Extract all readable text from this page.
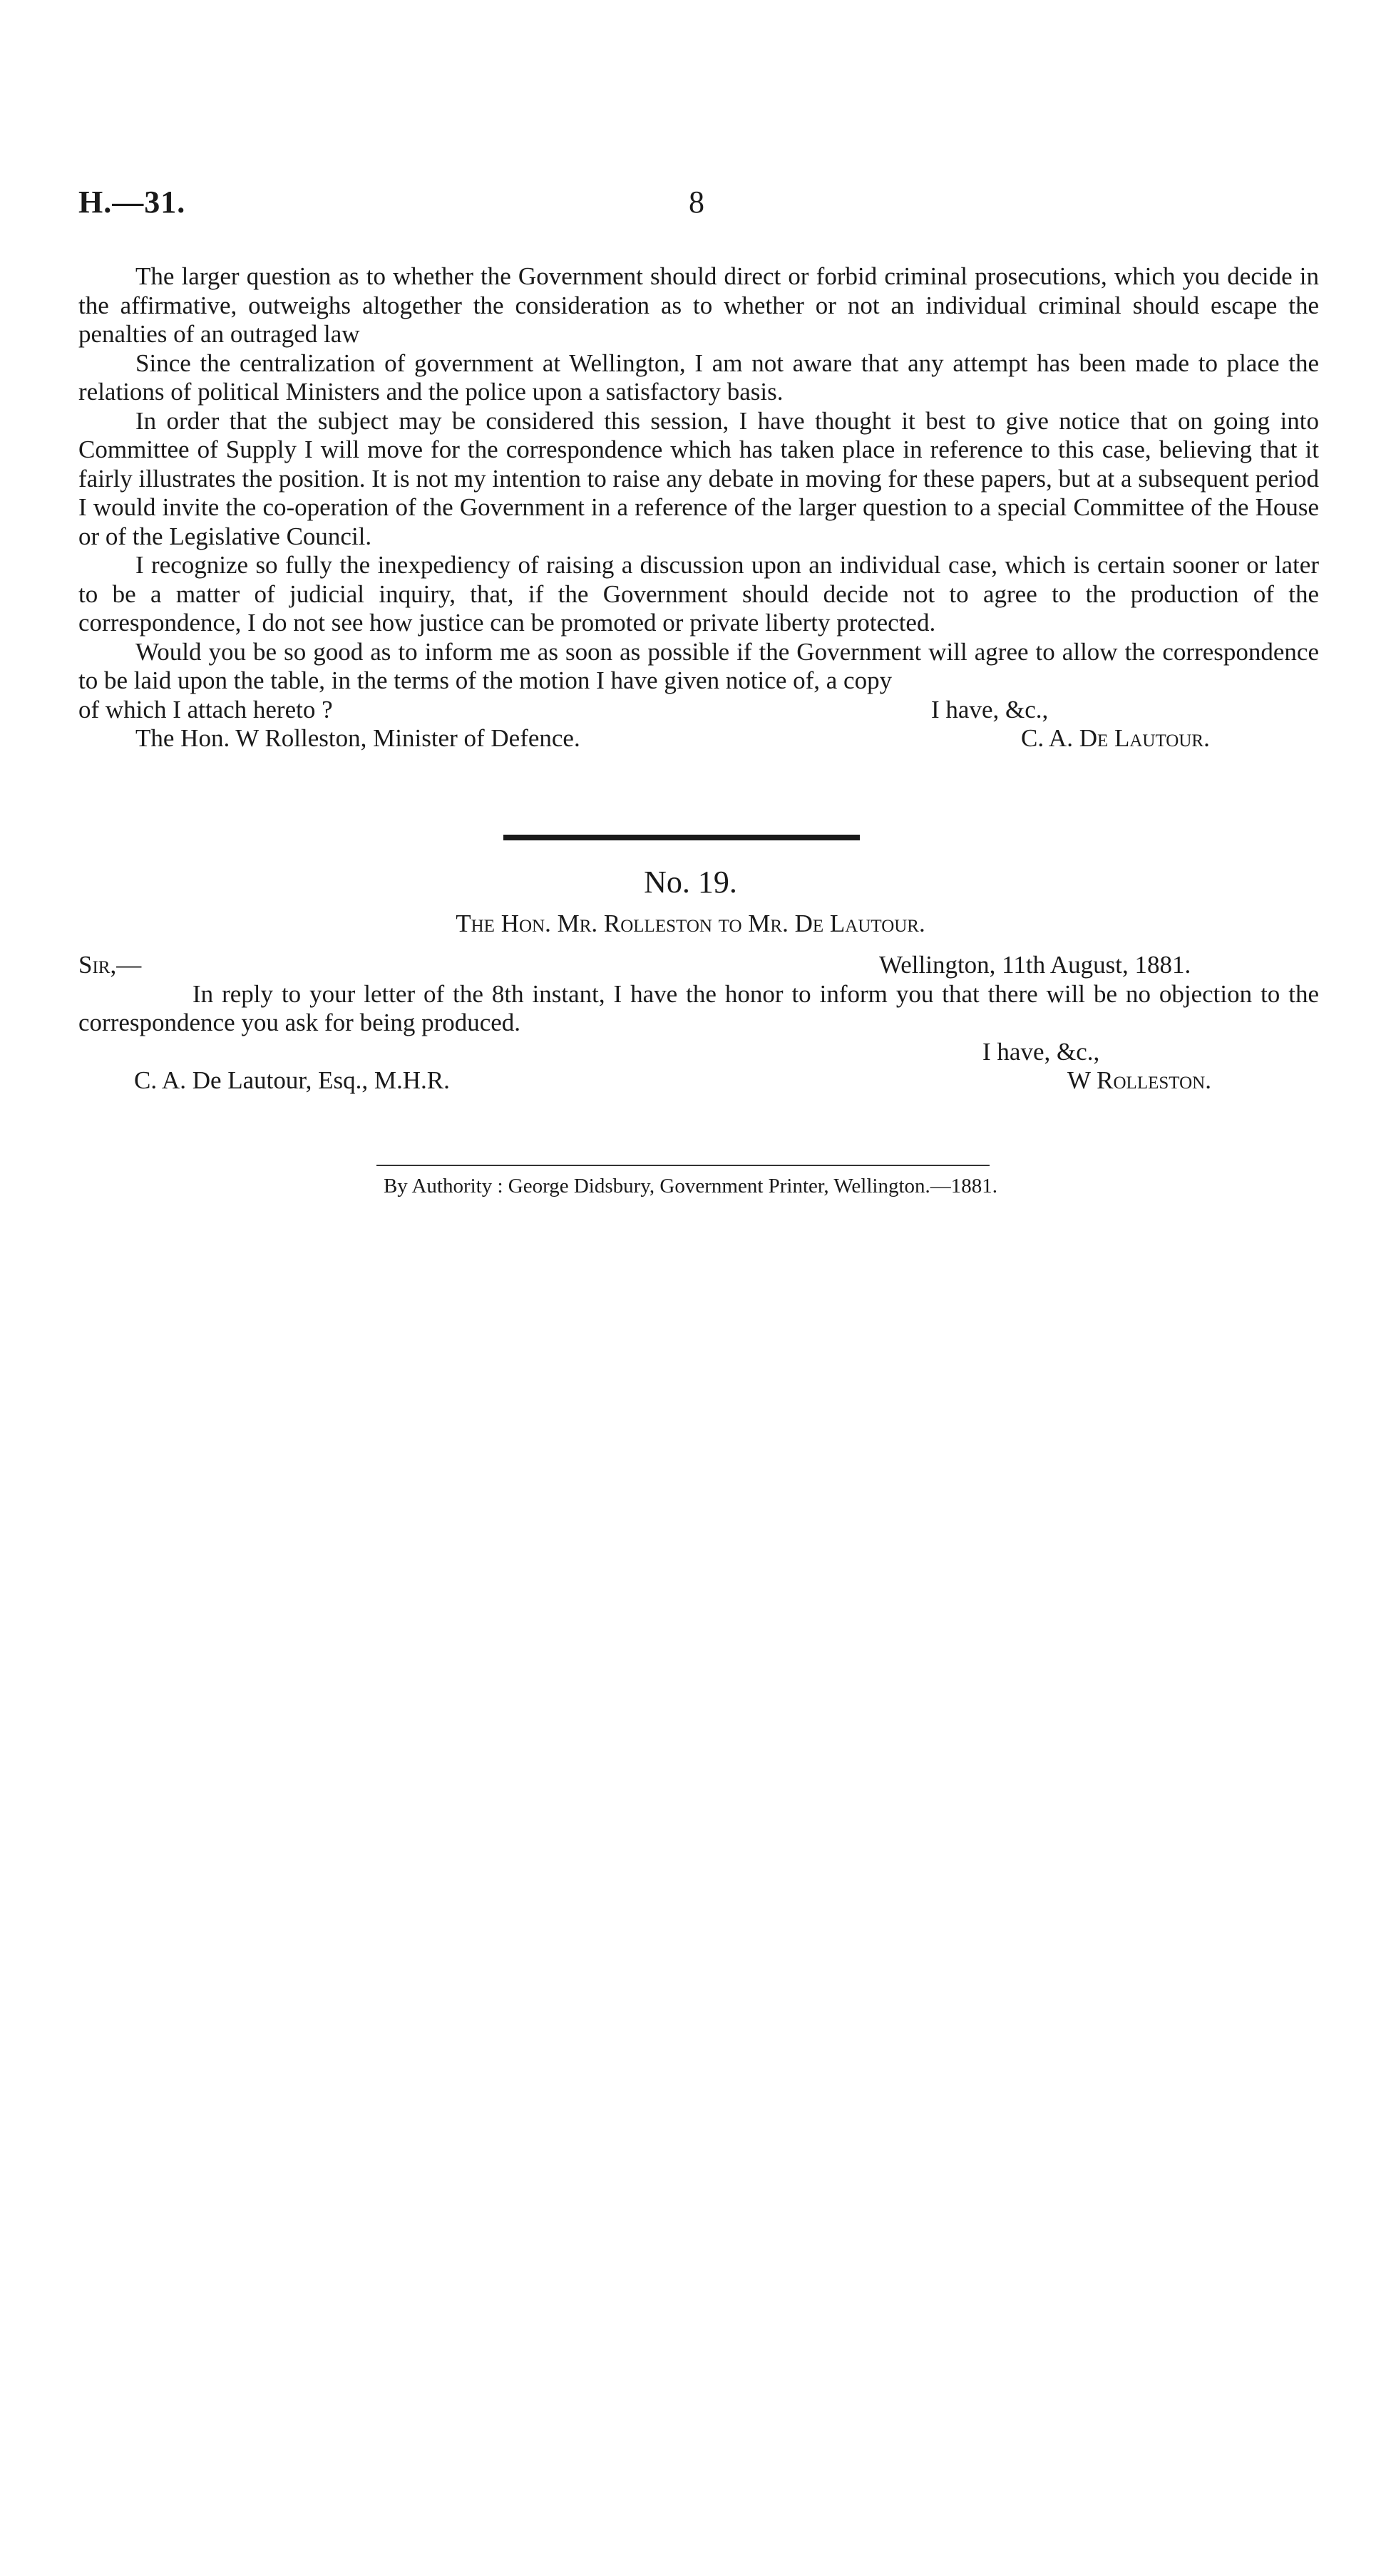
H.—31.	8

The larger question as to whether the Government should direct or forbid criminal prosecutions, which you decide in the affirmative, outweighs altogether the consideration as to whether or not an individual criminal should escape the penalties of an outraged law

Since the centralization of government at Wellington, I am not aware that any attempt has been made to place the relations of political Ministers and the police upon a satisfactory basis.

In order that the subject may be considered this session, I have thought it best to give notice that on going into Committee of Supply I will move for the correspondence which has taken place in reference to this case, believing that it fairly illustrates the position. It is not my intention to raise any debate in moving for these papers, but at a subsequent period I would invite the co-operation of the Government in a reference of the larger question to a special Committee of the House or of the Legislative Council.

I recognize so fully the inexpediency of raising a discussion upon an individual case, which is certain sooner or later to be a matter of judicial inquiry, that, if the Government should decide not to agree to the production of the correspondence, I do not see how justice can be promoted or private liberty protected.

Would you be so good as to inform me as soon as possible if the Government will agree to allow the correspondence to be laid upon the table, in the terms of the motion I have given notice of, a copy

of which I attach hereto ?	I have, &c.,
The Hon. W Rolleston, Minister of Defence.	C. A. De Lautour.
No. 19.
The Hon. Mr. Rolleston to Mr. De Lautour.
Sir,—	Wellington, 11th August, 1881.

In reply to your letter of the 8th instant, I have the honor to inform you that there will be no objection to the correspondence you ask for being produced.

I have, &c.,
C. A. De Lautour, Esq., M.H.R.	W Rolleston.
By Authority : George Didsbury, Government Printer, Wellington.—1881.
